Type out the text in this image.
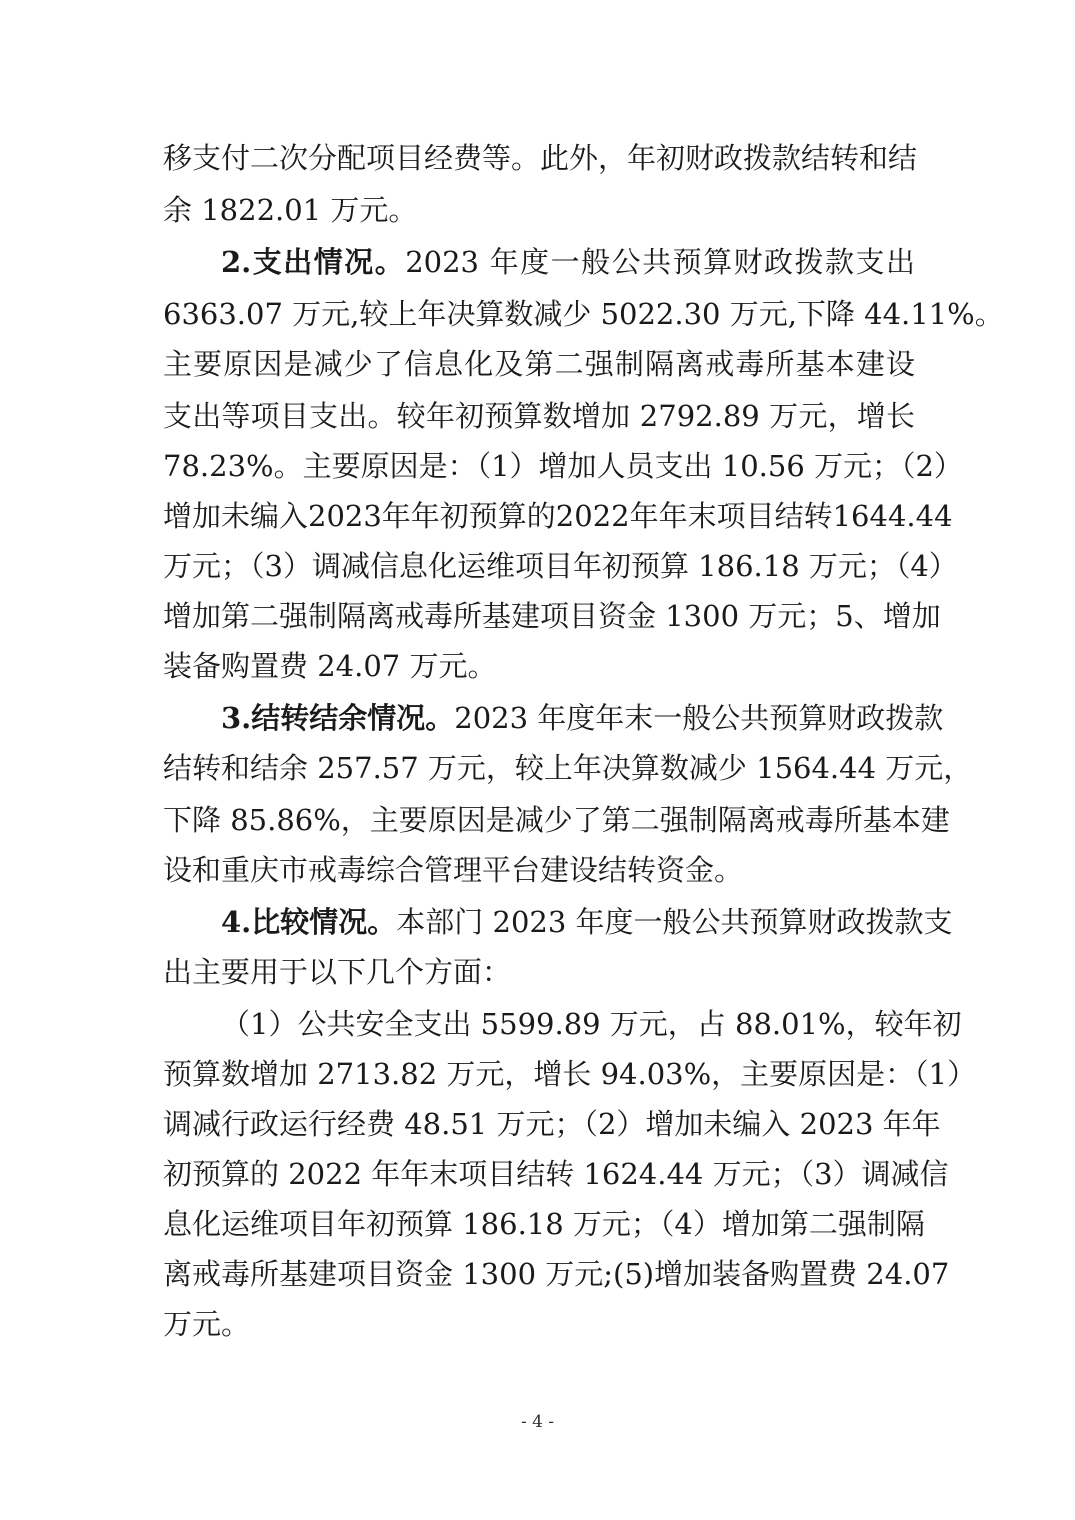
移支付二次分配项目经费等。此外，年初财政拨款结转和结
余 1822.01 万元。
2.支出情况。2023 年度一般公共预算财政拨款支出
6363.07 万元,较上年决算数减少 5022.30 万元,下降 44.11%。
主要原因是减少了信息化及第二强制隔离戒毒所基本建设
支出等项目支出。较年初预算数增加 2792.89 万元，增长
78.23%。主要原因是：（1）增加人员支出 10.56 万元；（2）
增加未编入2023年年初预算的2022年年末项目结转1644.44
万元；（3）调减信息化运维项目年初预算 186.18 万元；（4）
增加第二强制隔离戒毒所基建项目资金 1300 万元；5、增加
装备购置费 24.07 万元。
3.结转结余情况。2023 年度年末一般公共预算财政拨款
结转和结余 257.57 万元，较上年决算数减少 1564.44 万元，
下降 85.86%，主要原因是减少了第二强制隔离戒毒所基本建
设和重庆市戒毒综合管理平台建设结转资金。
4.比较情况。本部门 2023 年度一般公共预算财政拨款支
出主要用于以下几个方面：
（1）公共安全支出 5599.89 万元，占 88.01%，较年初
预算数增加 2713.82 万元，增长 94.03%，主要原因是：（1）
调减行政运行经费 48.51 万元；（2）增加未编入 2023 年年
初预算的 2022 年年末项目结转 1624.44 万元；（3）调减信
息化运维项目年初预算 186.18 万元；（4）增加第二强制隔
离戒毒所基建项目资金 1300 万元;(5)增加装备购置费 24.07
万元。
- 4 -
